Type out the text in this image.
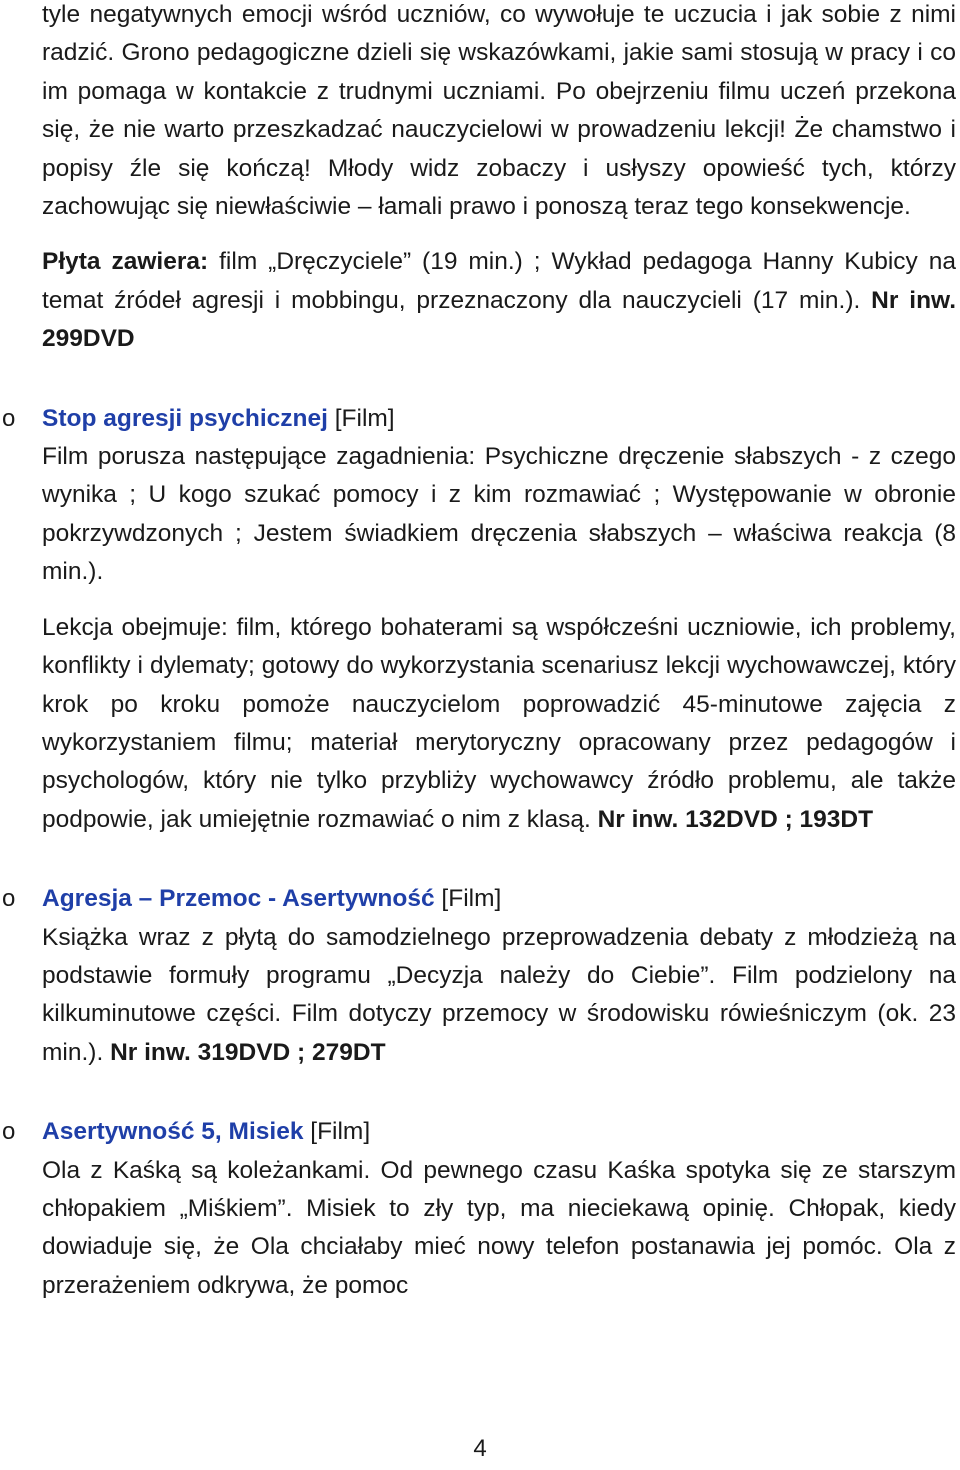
tyle negatywnych emocji wśród uczniów, co wywołuje te uczucia i jak sobie z nimi radzić. Grono pedagogiczne dzieli się wskazówkami, jakie sami stosują w pracy i co im pomaga w kontakcie z trudnymi uczniami. Po obejrzeniu filmu uczeń przekona się, że nie warto przeszkadzać nauczycielowi w prowadzeniu lekcji! Że chamstwo i popisy źle się kończą! Młody widz zobaczy i usłyszy opowieść tych, którzy zachowując się niewłaściwie – łamali prawo i ponoszą teraz tego konsekwencje.

Płyta zawiera: film „Dręczyciele” (19 min.) ; Wykład pedagoga Hanny Kubicy na temat źródeł agresji i mobbingu, przeznaczony dla nauczycieli (17 min.). Nr inw. 299DVD

o	Stop agresji psychicznej [Film]

Film porusza następujące zagadnienia: Psychiczne dręczenie słabszych - z czego wynika ; U kogo szukać pomocy i z kim rozmawiać ; Występowanie w obronie pokrzywdzonych ; Jestem świadkiem dręczenia słabszych – właściwa reakcja (8 min.).

Lekcja obejmuje: film, którego bohaterami są współcześni uczniowie, ich problemy, konflikty i dylematy; gotowy do wykorzystania scenariusz lekcji wychowawczej, który krok po kroku pomoże nauczycielom poprowadzić 45-minutowe zajęcia z wykorzystaniem filmu; materiał merytoryczny opracowany przez pedagogów i psychologów, który nie tylko przybliży wychowawcy źródło problemu, ale także podpowie, jak umiejętnie rozmawiać o nim z klasą. Nr inw. 132DVD ; 193DT

o	Agresja – Przemoc - Asertywność [Film]

Książka wraz z płytą do samodzielnego przeprowadzenia debaty z młodzieżą na podstawie formuły programu „Decyzja należy do Ciebie”. Film podzielony na kilkuminutowe części. Film dotyczy przemocy w środowisku rówieśniczym (ok. 23 min.). Nr inw. 319DVD ; 279DT

o	Asertywność 5, Misiek [Film]

Ola z Kaśką są koleżankami. Od pewnego czasu Kaśka spotyka się ze starszym chłopakiem „Miśkiem”. Misiek to zły typ, ma nieciekawą opinię. Chłopak, kiedy dowiaduje się, że Ola chciałaby mieć nowy telefon postanawia jej pomóc. Ola z przerażeniem odkrywa, że pomoc

4
